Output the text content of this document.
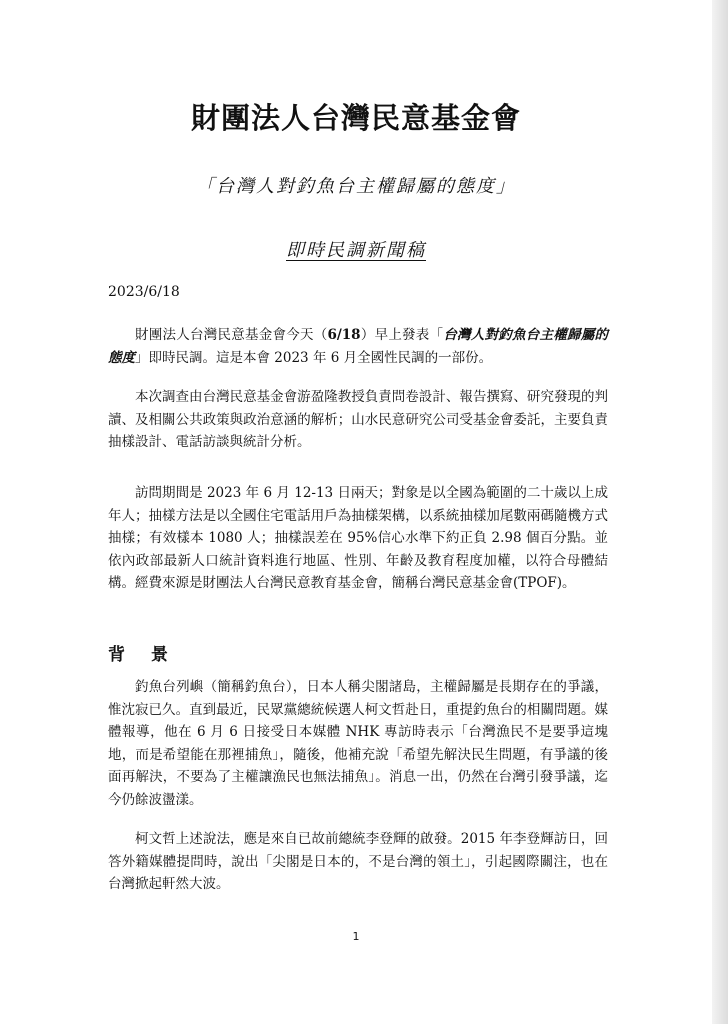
財團法人台灣民意基金會
「台灣人對釣魚台主權歸屬的態度」
即時民調新聞稿
2023/6/18
財團法人台灣民意基金會今天（6/18）早上發表「台灣人對釣魚台主權歸屬的態度」即時民調。這是本會 2023 年 6 月全國性民調的一部份。
本次調查由台灣民意基金會游盈隆教授負責問卷設計、報告撰寫、研究發現的判讀、及相關公共政策與政治意涵的解析；山水民意研究公司受基金會委託，主要負責抽樣設計、電話訪談與統計分析。
訪問期間是 2023 年 6 月 12-13 日兩天；對象是以全國為範圍的二十歲以上成年人；抽樣方法是以全國住宅電話用戶為抽樣架構，以系統抽樣加尾數兩碼隨機方式抽樣；有效樣本 1080 人；抽樣誤差在 95%信心水準下約正負 2.98 個百分點。並依內政部最新人口統計資料進行地區、性別、年齡及教育程度加權，以符合母體結構。經費來源是財團法人台灣民意教育基金會，簡稱台灣民意基金會(TPOF)。
背 景
釣魚台列嶼（簡稱釣魚台），日本人稱尖閣諸島，主權歸屬是長期存在的爭議，惟沈寂已久。直到最近，民眾黨總統候選人柯文哲赴日，重提釣魚台的相關問題。媒體報導，他在 6 月 6 日接受日本媒體 NHK 專訪時表示「台灣漁民不是要爭這塊地，而是希望能在那裡捕魚」，隨後，他補充說「希望先解決民生問題，有爭議的後面再解決，不要為了主權讓漁民也無法捕魚」。消息一出，仍然在台灣引發爭議，迄今仍餘波盪漾。
柯文哲上述說法，應是來自已故前總統李登輝的啟發。2015 年李登輝訪日，回答外籍媒體提問時，說出「尖閣是日本的，不是台灣的領土」，引起國際關注，也在台灣掀起軒然大波。
1
